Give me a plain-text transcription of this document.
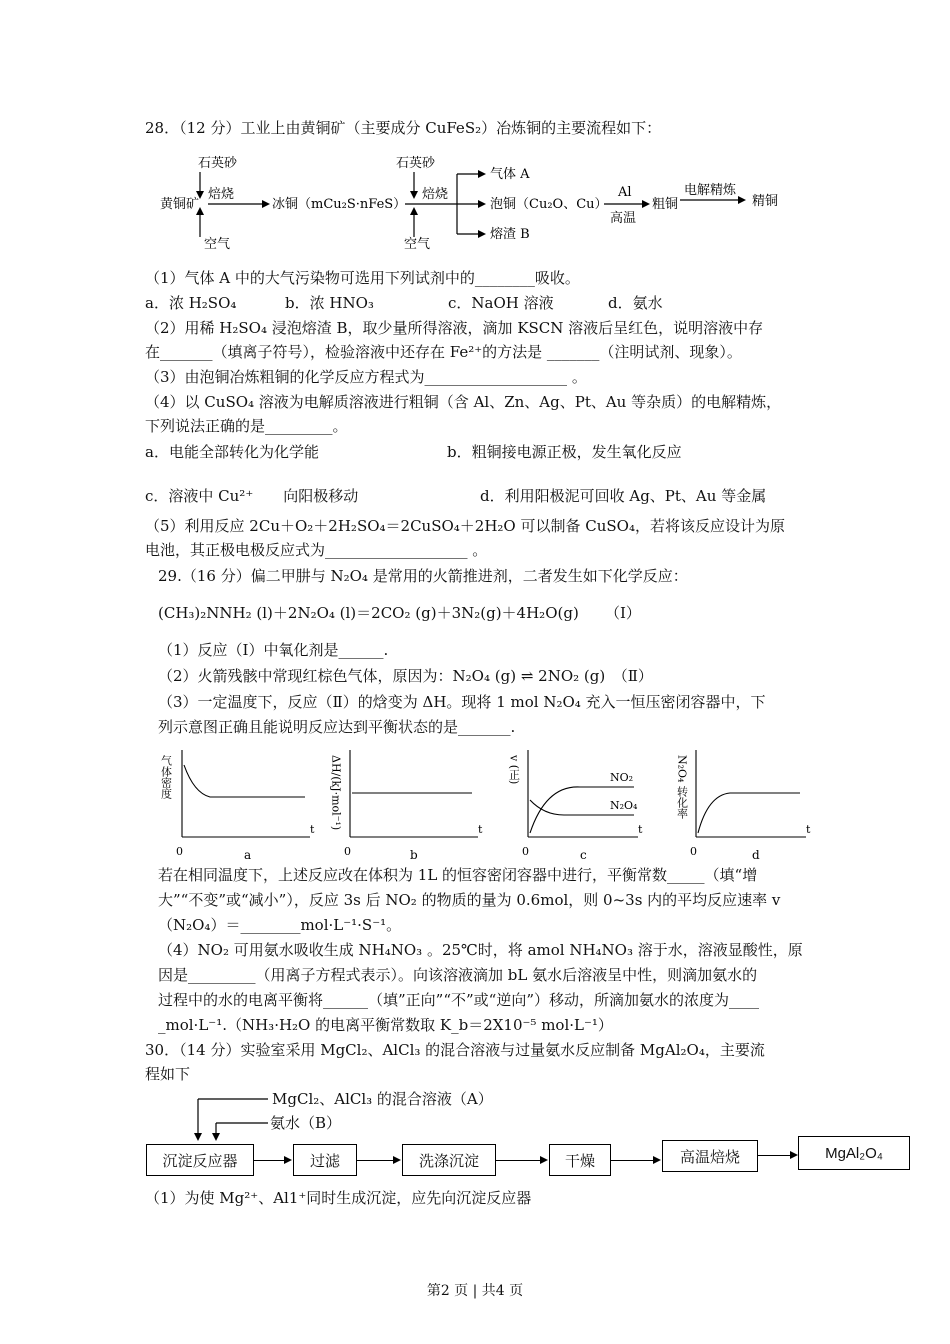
28．（12 分）工业上由黄铜矿（主要成分 CuFeS₂）冶炼铜的主要流程如下：
石英砂
焙烧
黄铜矿
空气
冰铜（mCu₂S·nFeS）
石英砂
焙烧
空气
气体 A
泡铜（Cu₂O、Cu）
熔渣 B
Al
高温
粗铜
电解精炼
精铜
（1）气体 A 中的大气污染物可选用下列试剂中的________吸收。
a．浓 H₂SO₄	b．浓 HNO₃	c．NaOH 溶液	d．氨水
（2）用稀 H₂SO₄ 浸泡熔渣 B，取少量所得溶液，滴加 KSCN 溶液后呈红色，说明溶液中存
在_______（填离子符号），检验溶液中还存在 Fe²⁺的方法是 _______（注明试剂、现象）。
（3）由泡铜冶炼粗铜的化学反应方程式为___________________ 。
（4）以 CuSO₄ 溶液为电解质溶液进行粗铜（含 Al、Zn、Ag、Pt、Au 等杂质）的电解精炼，
下列说法正确的是_________。
a．电能全部转化为化学能	b．粗铜接电源正极，发生氧化反应
c．溶液中 Cu²⁺　　向阳极移动	d．利用阳极泥可回收 Ag、Pt、Au 等金属
（5）利用反应 2Cu＋O₂＋2H₂SO₄＝2CuSO₄＋2H₂O 可以制备 CuSO₄，若将该反应设计为原
电池，其正极电极反应式为___________________ 。
29.（16 分）偏二甲肼与 N₂O₄ 是常用的火箭推进剂，二者发生如下化学反应：
(CH₃)₂NNH₂ (l)＋2N₂O₄ (l)＝2CO₂ (g)＋3N₂(g)＋4H₂O(g) （Ⅰ）
（1）反应（Ⅰ）中氧化剂是______.
（2）火箭残骸中常现红棕色气体，原因为：N₂O₄ (g) ⇌ 2NO₂ (g)　（Ⅱ）
（3）一定温度下，反应（Ⅱ）的焓变为 ΔH。现将 1 mol N₂O₄ 充入一恒压密闭容器中，下
列示意图正确且能说明反应达到平衡状态的是_______.
气体密度	ΔH/(kJ·mol⁻¹)	v (正)	N₂O₄ 转化率
NO₂
N₂O₄
t	t	t	t
0	0	0	0
a	b	c	d
若在相同温度下，上述反应改在体积为 1L 的恒容密闭容器中进行，平衡常数_____（填“增
大”“不变”或“减小”），反应 3s 后 NO₂ 的物质的量为 0.6mol，则 0~3s 内的平均反应速率 v
（N₂O₄）＝________mol·L⁻¹·S⁻¹。
（4）NO₂ 可用氨水吸收生成 NH₄NO₃ 。25℃时，将 amol NH₄NO₃ 溶于水，溶液显酸性，原
因是_________（用离子方程式表示）。向该溶液滴加 bL 氨水后溶液呈中性，则滴加氨水的
过程中的水的电离平衡将______（填”正向”“不”或“逆向”）移动，所滴加氨水的浓度为____
_mol·L⁻¹.（NH₃·H₂O 的电离平衡常数取 K_b＝2X10⁻⁵ mol·L⁻¹）
30．（14 分）实验室采用 MgCl₂、AlCl₃ 的混合溶液与过量氨水反应制备 MgAl₂O₄，主要流
程如下
MgCl₂、AlCl₃ 的混合溶液（A）
氨水（B）
沉淀反应器	过滤	洗涤沉淀	干燥	高温焙烧	MgAl₂O₄
（1）为使 Mg²⁺、Al1⁺同时生成沉淀，应先向沉淀反应器
第2 页 | 共4 页
